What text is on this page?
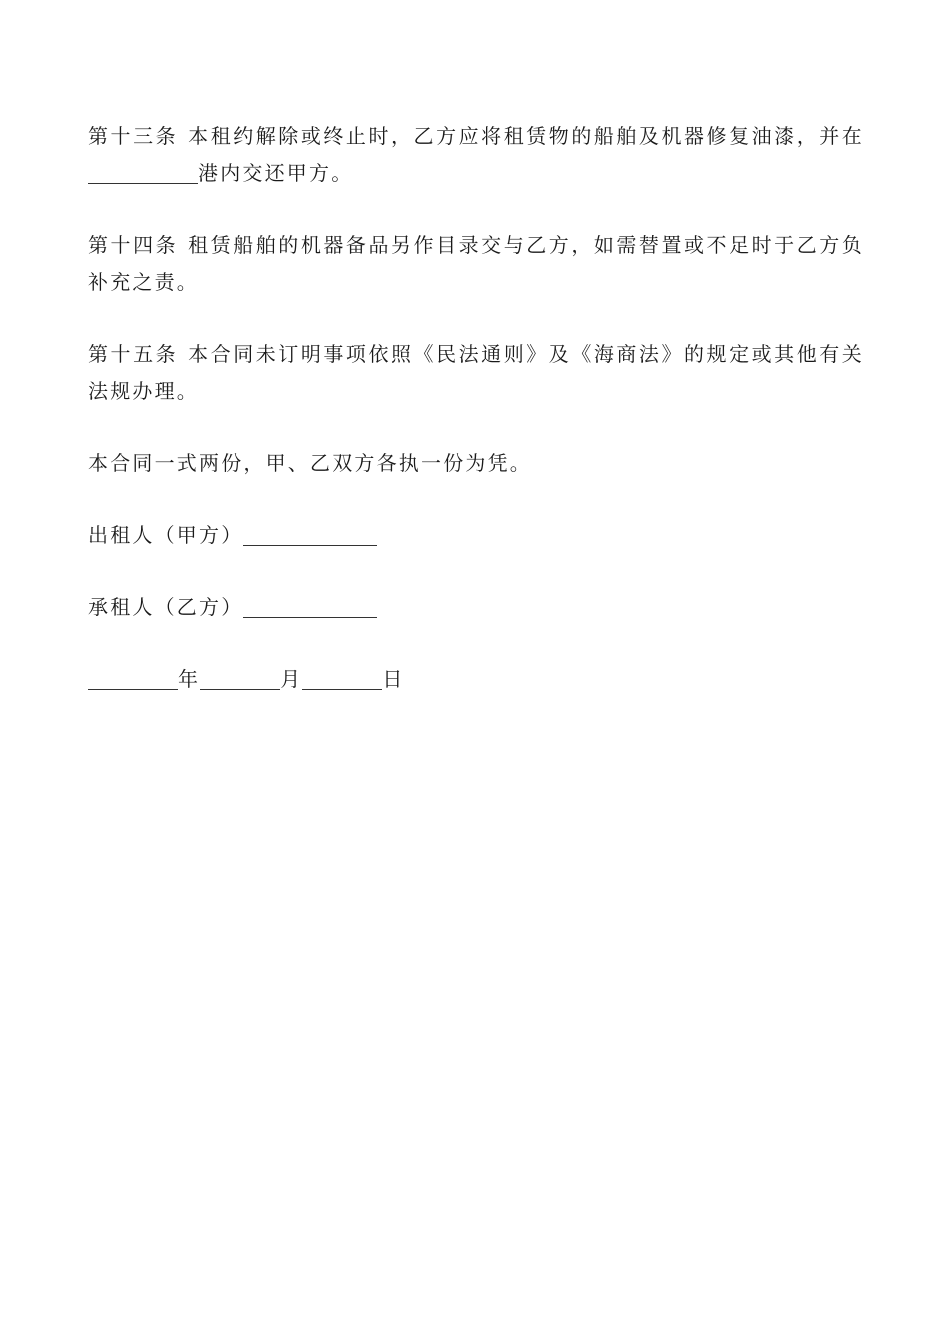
第十三条 本租约解除或终止时，乙方应将租赁物的船舶及机器修复油漆，并在港内交还甲方。

第十四条 租赁船舶的机器备品另作目录交与乙方，如需替置或不足时于乙方负补充之责。

第十五条 本合同未订明事项依照《民法通则》及《海商法》的规定或其他有关法规办理。

本合同一式两份，甲、乙双方各执一份为凭。

出租人（甲方）

承租人（乙方）

年	月	日
